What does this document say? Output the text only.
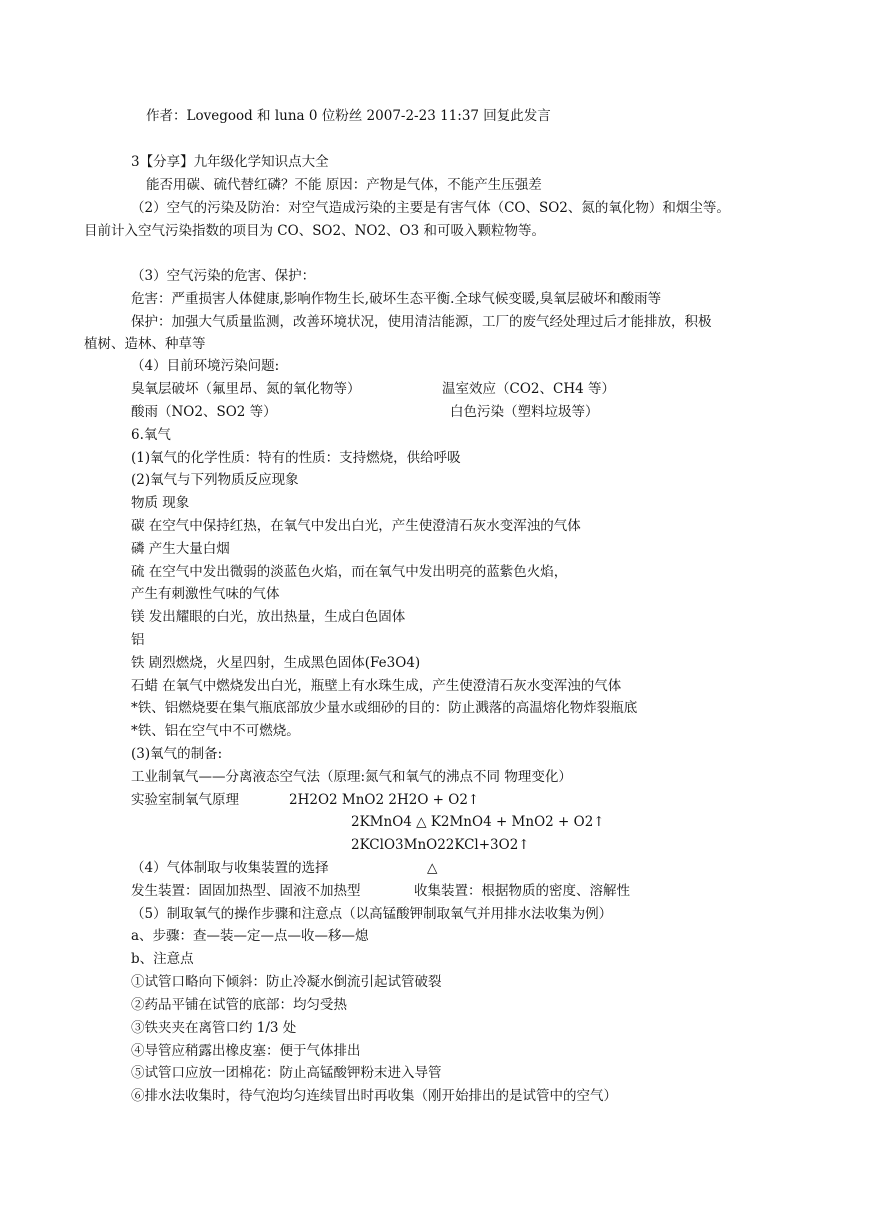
作者：Lovegood 和 luna 0 位粉丝 2007-2-23 11:37 回复此发言
3【分享】九年级化学知识点大全
能否用碳、硫代替红磷？不能 原因：产物是气体，不能产生压强差
（2）空气的污染及防治：对空气造成污染的主要是有害气体（CO、SO2、氮的氧化物）和烟尘等。
目前计入空气污染指数的项目为 CO、SO2、NO2、O3 和可吸入颗粒物等。
（3）空气污染的危害、保护：
危害：严重损害人体健康,影响作物生长,破坏生态平衡.全球气候变暖,臭氧层破坏和酸雨等
保护：加强大气质量监测，改善环境状况，使用清洁能源，工厂的废气经处理过后才能排放，积极
植树、造林、种草等
（4）目前环境污染问题:
臭氧层破坏（氟里昂、氮的氧化物等）	温室效应（CO2、CH4 等）
酸雨（NO2、SO2 等）	白色污染（塑料垃圾等）
6.氧气
(1)氧气的化学性质：特有的性质：支持燃烧，供给呼吸
(2)氧气与下列物质反应现象
物质 现象
碳 在空气中保持红热，在氧气中发出白光，产生使澄清石灰水变浑浊的气体
磷 产生大量白烟
硫 在空气中发出微弱的淡蓝色火焰，而在氧气中发出明亮的蓝紫色火焰，
产生有刺激性气味的气体
镁 发出耀眼的白光，放出热量，生成白色固体
铝
铁 剧烈燃烧，火星四射，生成黑色固体(Fe3O4)
石蜡 在氧气中燃烧发出白光，瓶壁上有水珠生成，产生使澄清石灰水变浑浊的气体
*铁、铝燃烧要在集气瓶底部放少量水或细砂的目的：防止溅落的高温熔化物炸裂瓶底
*铁、铝在空气中不可燃烧。
(3)氧气的制备:
工业制氧气——分离液态空气法（原理:氮气和氧气的沸点不同 物理变化）
实验室制氧气原理	2H2O2 MnO2 2H2O + O2↑
2KMnO4 △ K2MnO4 + MnO2 + O2↑
2KClO3MnO22KCl+3O2↑
（4）气体制取与收集装置的选择	△
发生装置：固固加热型、固液不加热型	收集装置：根据物质的密度、溶解性
（5）制取氧气的操作步骤和注意点（以高锰酸钾制取氧气并用排水法收集为例）
a、步骤：查—装—定—点—收—移—熄
b、注意点
①试管口略向下倾斜：防止冷凝水倒流引起试管破裂
②药品平铺在试管的底部：均匀受热
③铁夹夹在离管口约 1/3 处
④导管应稍露出橡皮塞：便于气体排出
⑤试管口应放一团棉花：防止高锰酸钾粉末进入导管
⑥排水法收集时，待气泡均匀连续冒出时再收集（刚开始排出的是试管中的空气）
